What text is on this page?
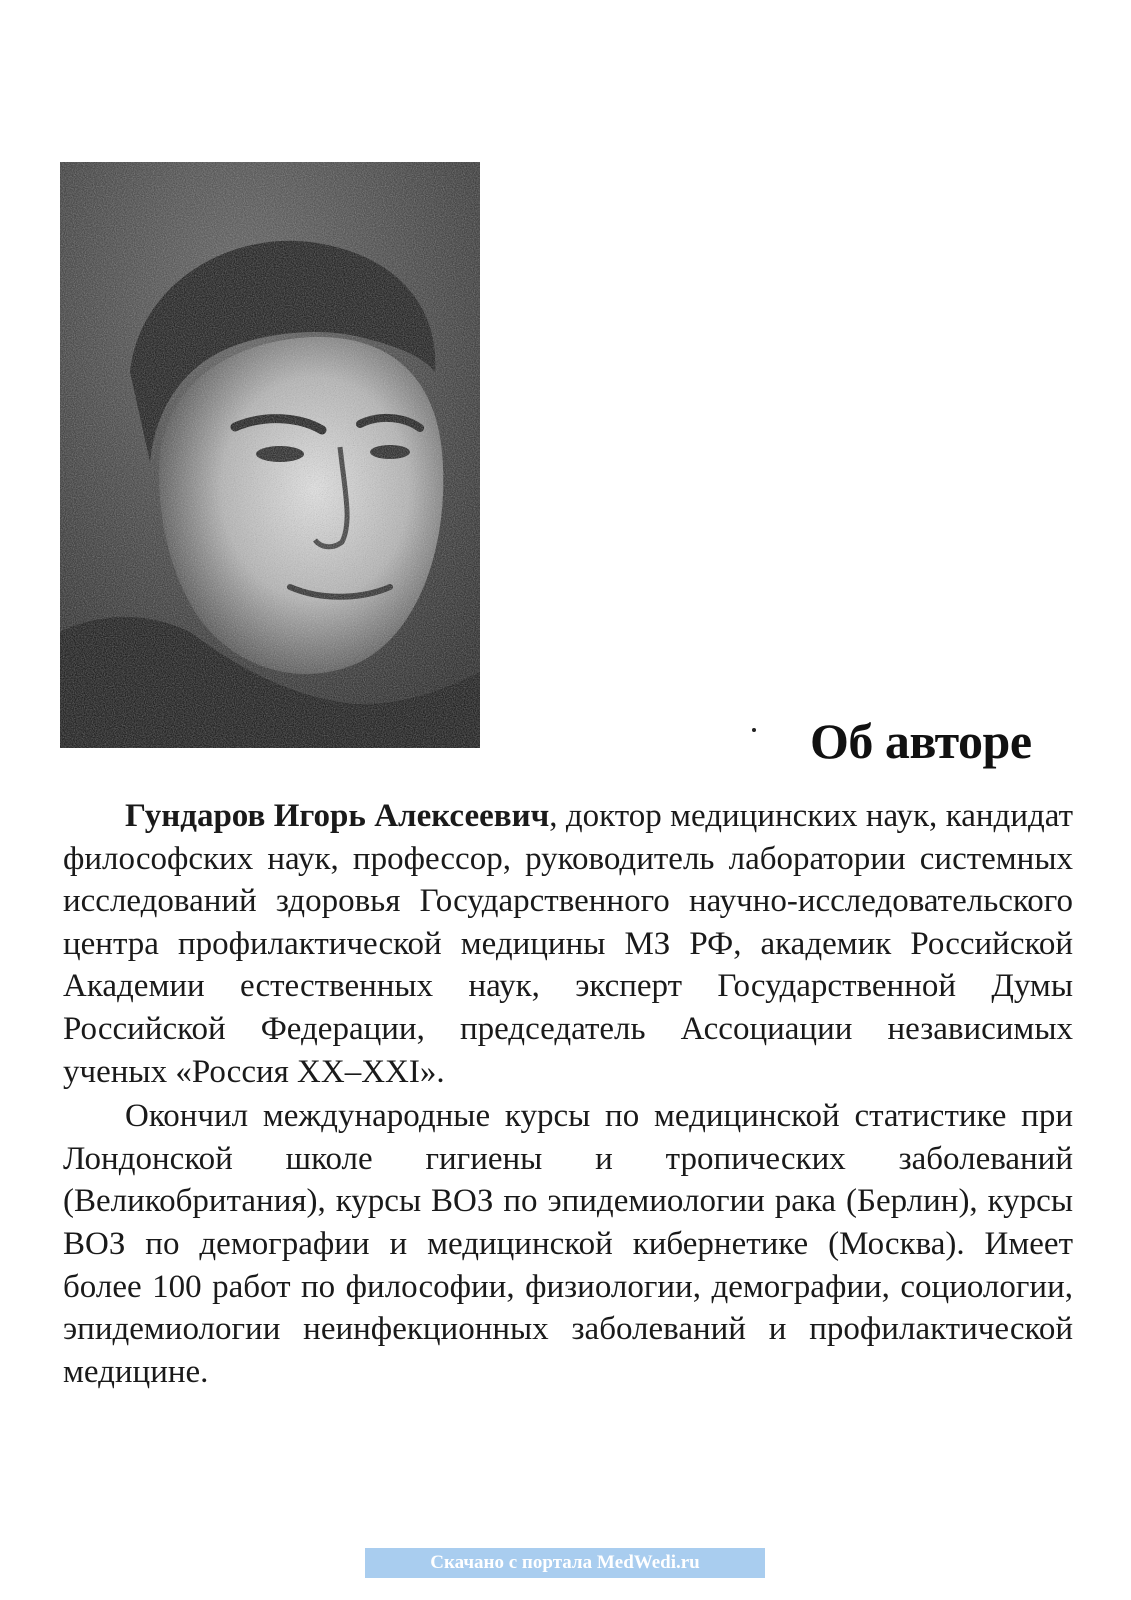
Об авторе

Гундаров Игорь Алексеевич, доктор медицинских наук, кандидат философских наук, профессор, руководитель лаборатории системных исследований здоровья Государственного научно-исследовательского центра профилактической медицины МЗ РФ, академик Российской Академии естественных наук, эксперт Государственной Думы Российской Федерации, председатель Ассоциации независимых ученых «Россия XX–XXI».

Окончил международные курсы по медицинской статистике при Лондонской школе гигиены и тропических заболеваний (Великобритания), курсы ВОЗ по эпидемиологии рака (Берлин), курсы ВОЗ по демографии и медицинской кибернетике (Москва). Имеет более 100 работ по философии, физиологии, демографии, социологии, эпидемиологии неинфекционных заболеваний и профилактической медицине.

Скачано с портала MedWedi.ru
